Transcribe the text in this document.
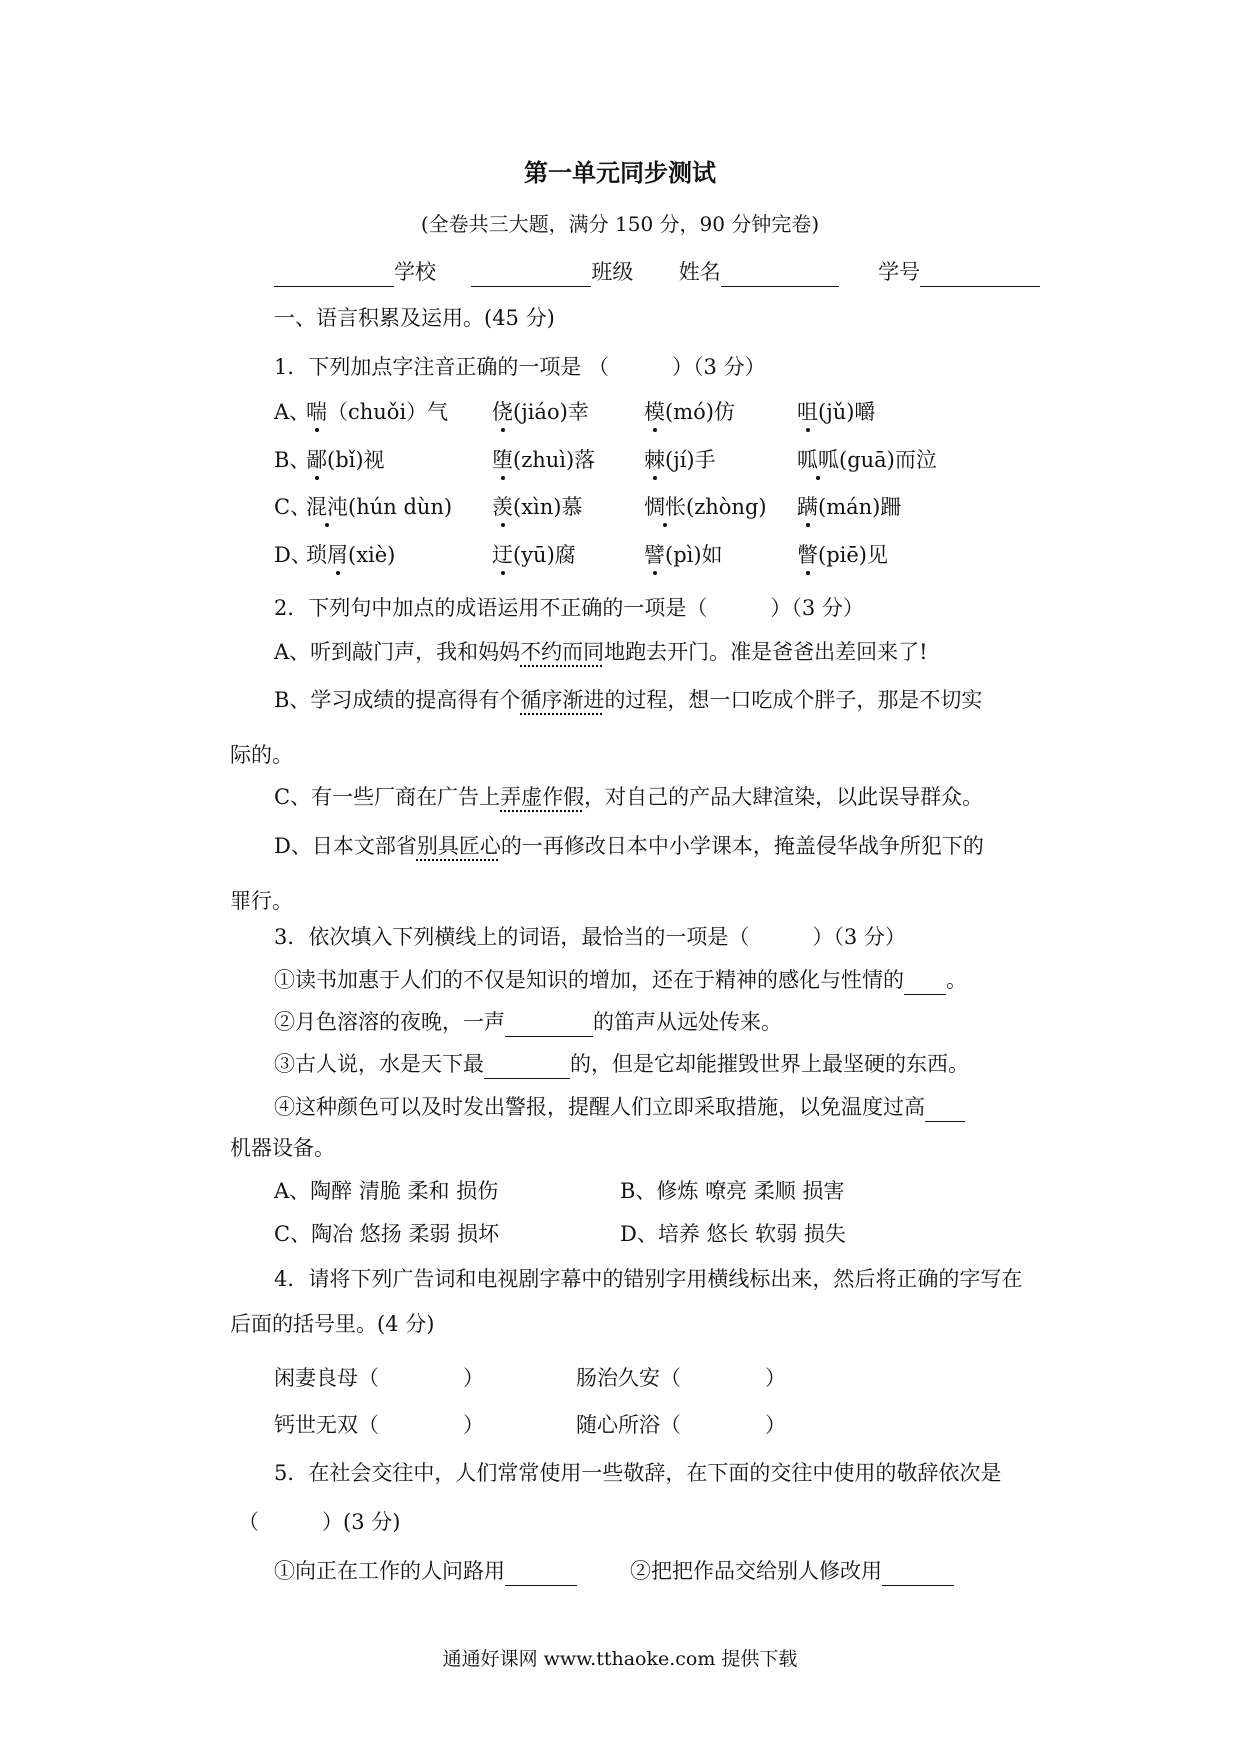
第一单元同步测试
(全卷共三大题，满分 150 分，90 分钟完卷)
学校	班级 姓名	学号
一、语言积累及运用。(45 分)
1．下列加点字注音正确的一项是 （　　　）（3 分）
A、
喘（chuǒi）气 侥(jiáo)幸	模(mó)仿	咀(jǔ)嚼
B、
鄙(bǐ)视	堕(zhuì)落 棘(jí)手	呱呱(guā)而泣
C、
混沌(hún dùn) 羡(xìn)慕	惆怅(zhòng) 蹒(mán)跚
D、
琐屑(xiè)	迂(yū)腐	譬(pì)如	瞥(piē)见
2．下列句中加点的成语运用不正确的一项是（　　　）（3 分）
A、听到敲门声，我和妈妈不约而同地跑去开门。准是爸爸出差回来了!
B、学习成绩的提高得有个循序渐进的过程，想一口吃成个胖子，那是不切实
际的。
C、有一些厂商在广告上弄虚作假，对自己的产品大肆渲染，以此误导群众。
D、日本文部省别具匠心的一再修改日本中小学课本，掩盖侵华战争所犯下的
罪行。
3．依次填入下列横线上的词语，最恰当的一项是（　　　）（3 分）
①读书加惠于人们的不仅是知识的增加，还在于精神的感化与性情的 。
②月色溶溶的夜晚，一声	的笛声从远处传来。
③古人说，水是天下最	的，但是它却能摧毁世界上最坚硬的东西。
④这种颜色可以及时发出警报，提醒人们立即采取措施，以免温度过高
机器设备。
A、陶醉 清脆 柔和 损伤	B、修炼 嘹亮 柔顺 损害
C、陶冶 悠扬 柔弱 损坏	D、培养 悠长 软弱 损失
4．请将下列广告词和电视剧字幕中的错别字用横线标出来，然后将正确的字写在
后面的括号里。(4 分)
闲妻良母（　　　　）	肠治久安（　　　　）
钙世无双（　　　　）	随心所浴（　　　　）
5．在社会交往中，人们常常使用一些敬辞，在下面的交往中使用的敬辞依次是
（　　　）(3 分)
①向正在工作的人问路用	②把把作品交给别人修改用
通通好课网 www.tthaoke.com 提供下载
